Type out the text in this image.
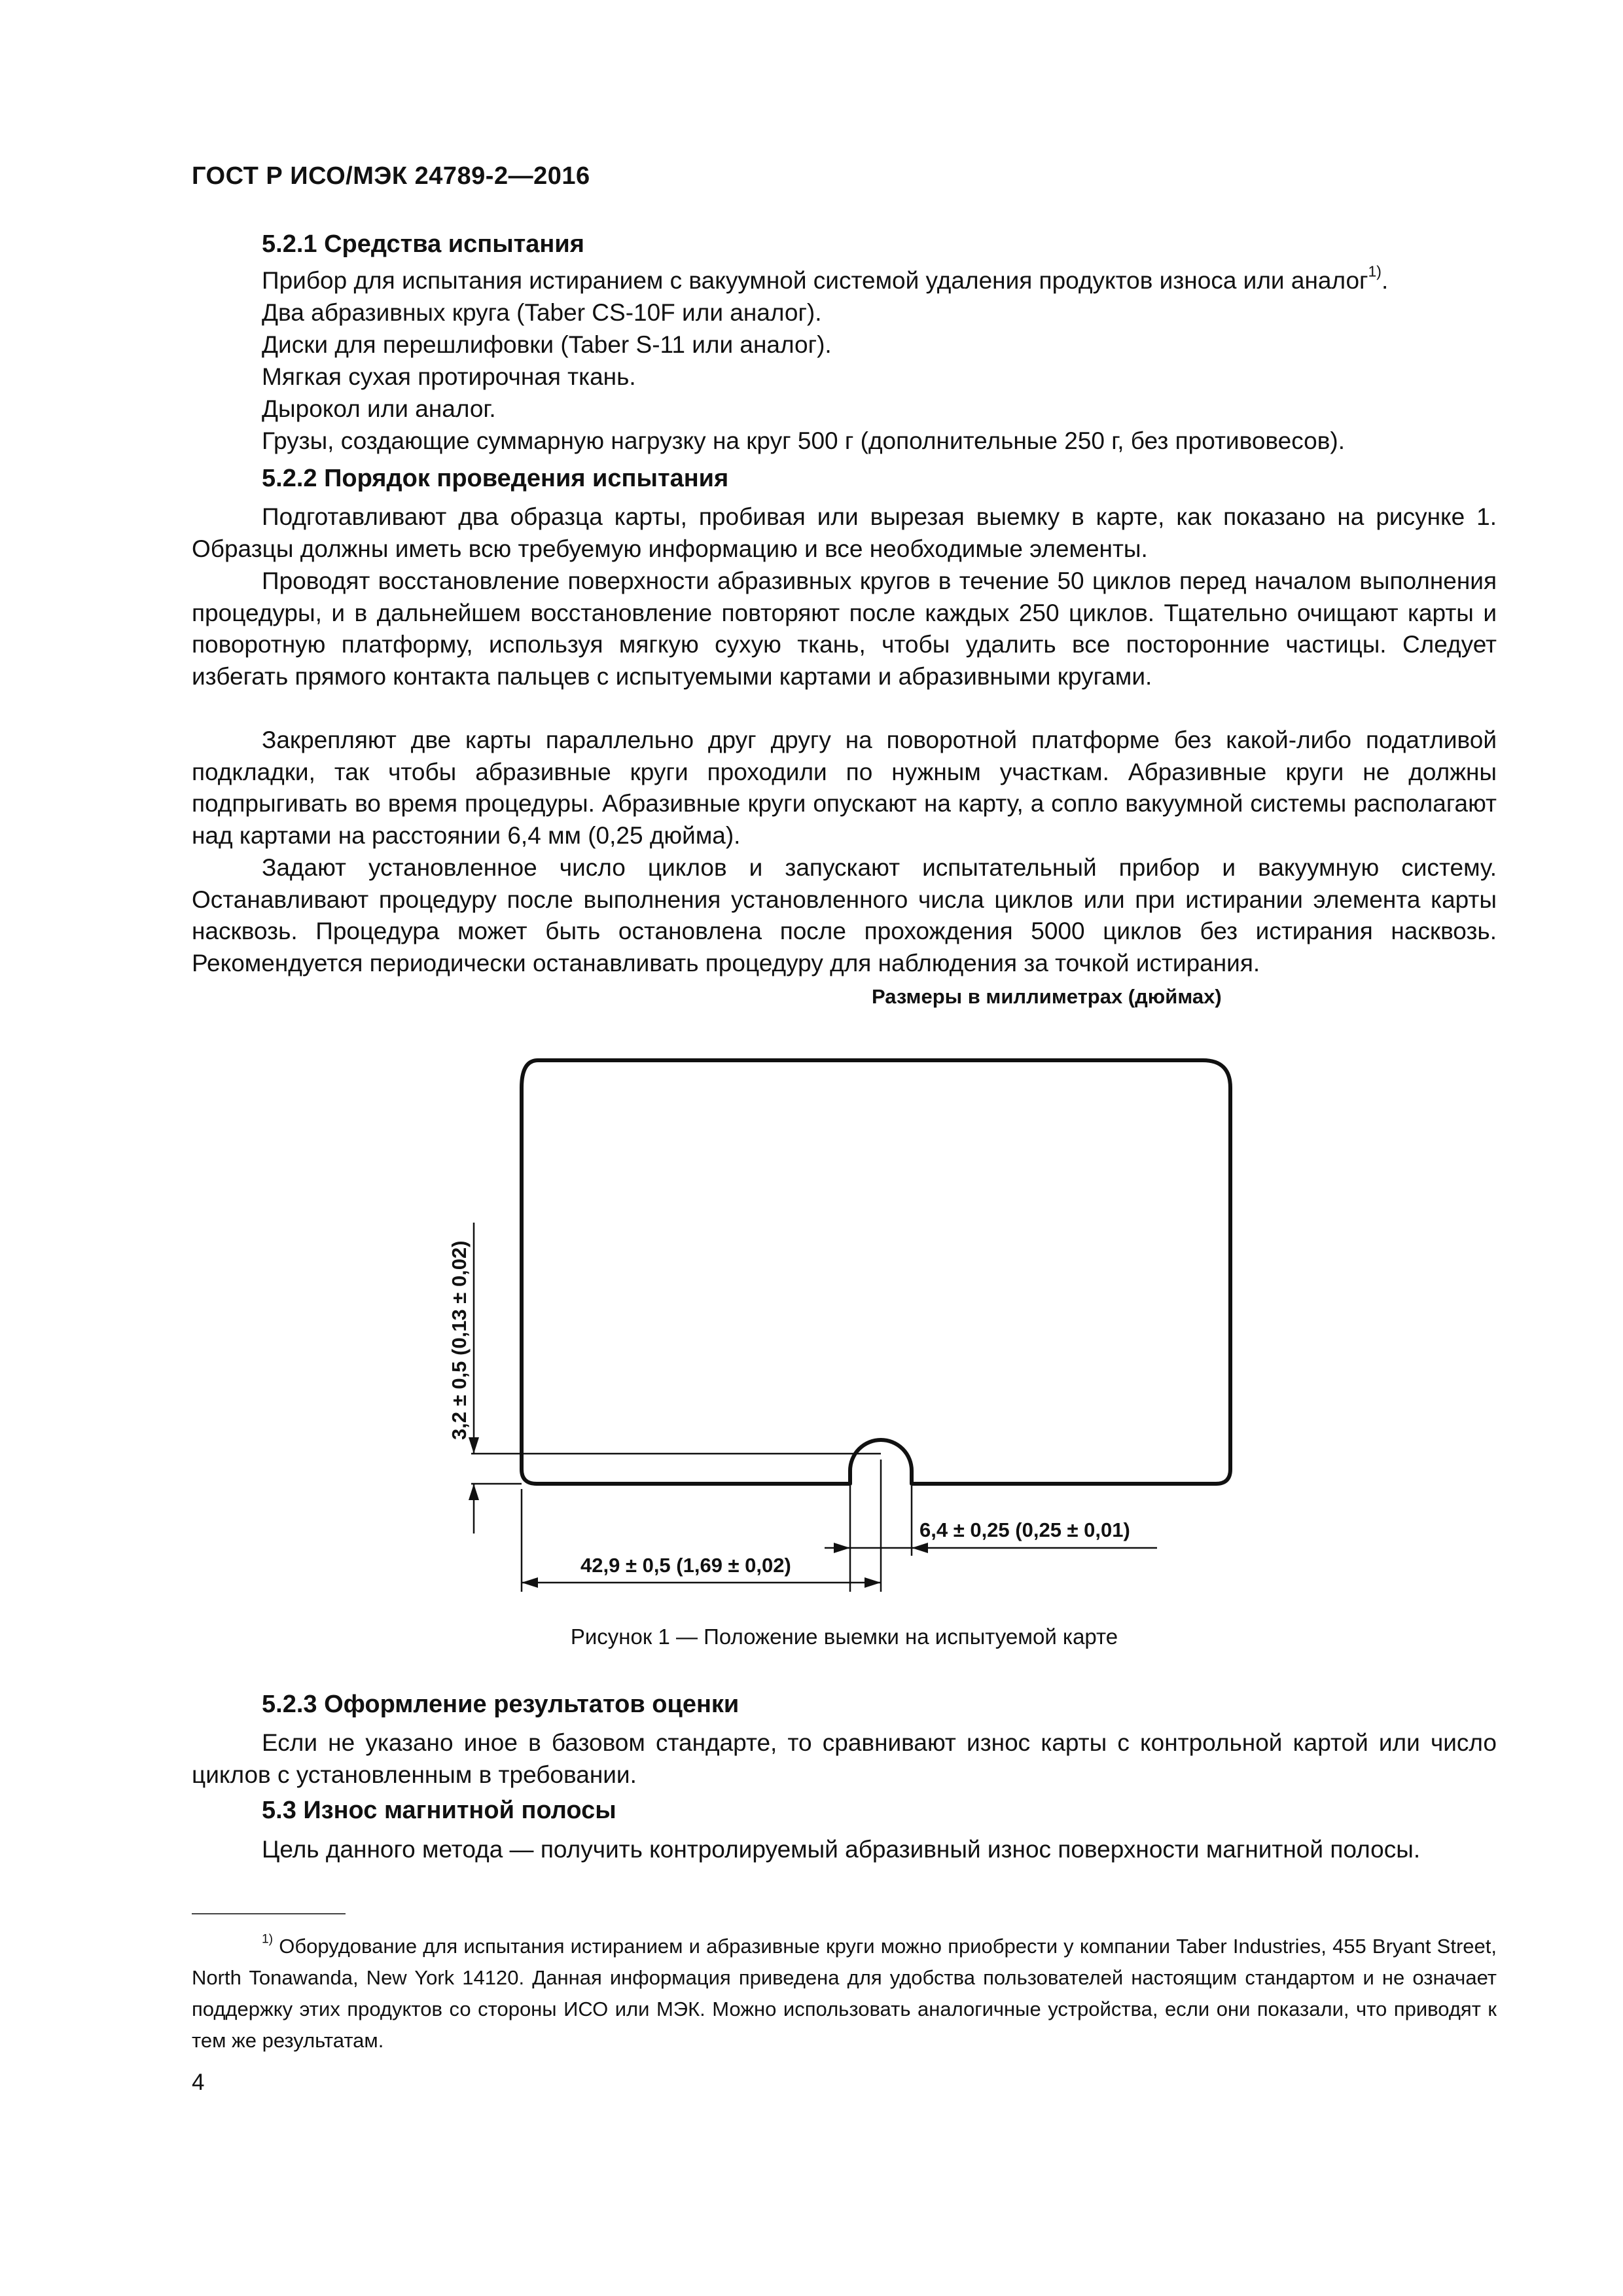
ГОСТ Р ИСО/МЭК 24789-2—2016
5.2.1 Средства испытания
Прибор для испытания истиранием с вакуумной системой удаления продуктов износа или аналог$^{1)}$.
Два абразивных круга (Taber CS-10F или аналог).
Диски для перешлифовки (Taber S-11 или аналог).
Мягкая сухая протирочная ткань.
Дырокол или аналог.
Грузы, создающие суммарную нагрузку на круг 500 г (дополнительные 250 г, без противовесов).
5.2.2 Порядок проведения испытания
Подготавливают два образца карты, пробивая или вырезая выемку в карте, как показано на рисунке 1. Образцы должны иметь всю требуемую информацию и все необходимые элементы.
Проводят восстановление поверхности абразивных кругов в течение 50 циклов перед началом выполнения процедуры, и в дальнейшем восстановление повторяют после каждых 250 циклов. Тщательно очищают карты и поворотную платформу, используя мягкую сухую ткань, чтобы удалить все посторонние частицы. Следует избегать прямого контакта пальцев с испытуемыми картами и абразивными кругами.
Закрепляют две карты параллельно друг другу на поворотной платформе без какой-либо податливой подкладки, так чтобы абразивные круги проходили по нужным участкам. Абразивные круги не должны подпрыгивать во время процедуры. Абразивные круги опускают на карту, а сопло вакуумной системы располагают над картами на расстоянии 6,4 мм (0,25 дюйма).
Задают установленное число циклов и запускают испытательный прибор и вакуумную систему. Останавливают процедуру после выполнения установленного числа циклов или при истирании элемента карты насквозь. Процедура может быть остановлена после прохождения 5000 циклов без истирания насквозь. Рекомендуется периодически останавливать процедуру для наблюдения за точкой истирания.
Размеры в миллиметрах (дюймах)
3,2 ± 0,5 (0,13 ± 0,02)
6,4 ± 0,25 (0,25 ± 0,01)
42,9 ± 0,5 (1,69 ± 0,02)
Рисунок 1 — Положение выемки на испытуемой карте
5.2.3 Оформление результатов оценки
Если не указано иное в базовом стандарте, то сравнивают износ карты с контрольной картой или число циклов с установленным в требовании.
5.3 Износ магнитной полосы
Цель данного метода — получить контролируемый абразивный износ поверхности магнитной полосы.
$^{1)}$ Оборудование для испытания истиранием и абразивные круги можно приобрести у компании Taber Industries, 455 Bryant Street, North Tonawanda, New York 14120. Данная информация приведена для удобства пользователей настоящим стандартом и не означает поддержку этих продуктов со стороны ИСО или МЭК. Можно использовать аналогичные устройства, если они показали, что приводят к тем же результатам.
4
